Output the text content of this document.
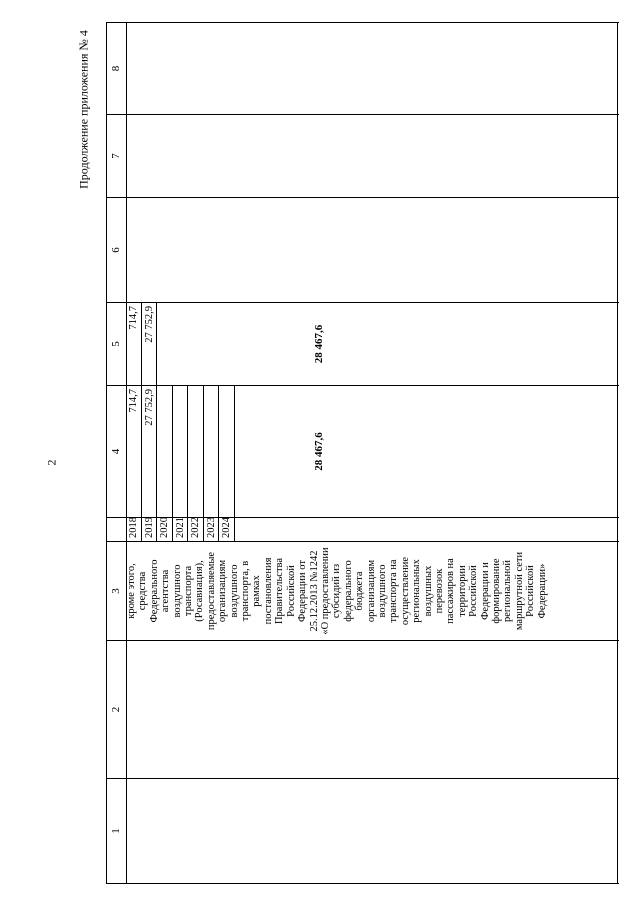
2
Продолжение приложения № 4
1
2
3 кроме этого, средства Федерального агентства воздушного транспорта (Росавиация), предоставляемые организациям воздушного транспорта, в рамках постановления Правительства Российской Федерации от 25.12.2013 №1242 «О предоставлении субсидий из федерального бюджета организациям воздушного транспорта на осуществление региональных воздушных перевозок пассажиров на территории Российской Федерации и формирование региональной маршрутной сети Российской Федерации»
2018 2019 2020 2021 2022 2023 2024
4
714,7 27 752,9
28 467,6
5
714,7 27 752,9
28 467,6
6
7
8
